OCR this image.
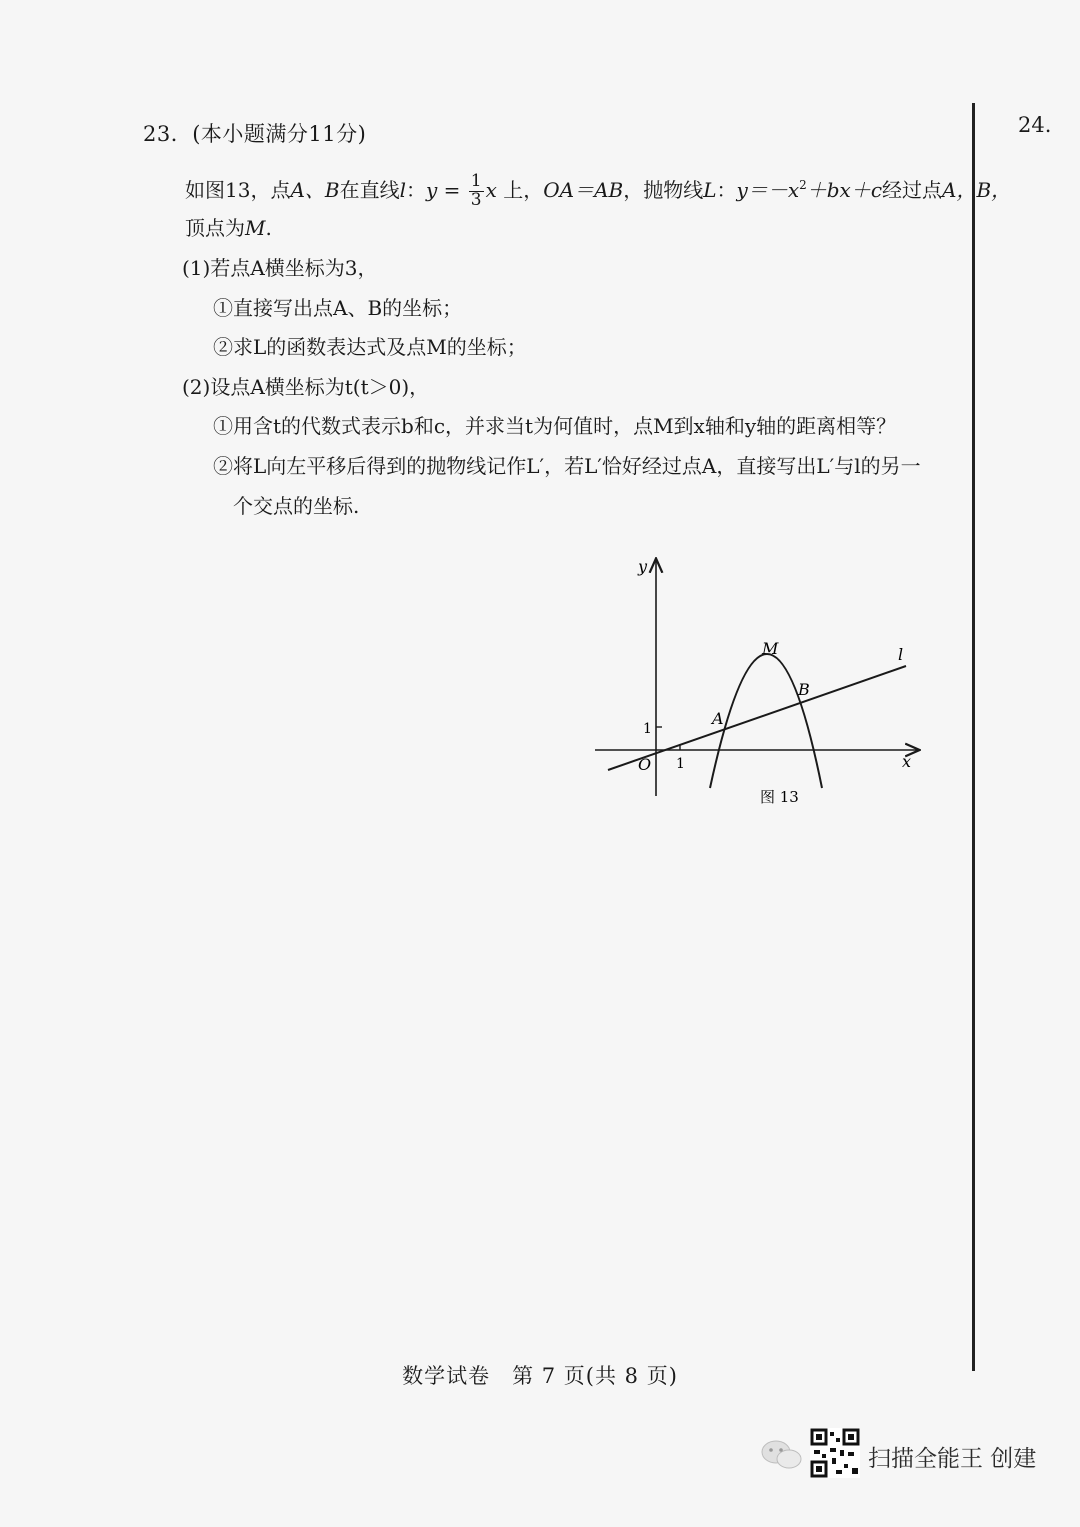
24.
23．(本小题满分11分)
如图13，点A、B在直线l：$y = \frac{1}{3}$ x 上，OA＝AB，抛物线L：$y=-x^2+bx+c$经过点A，B，
顶点为M.
(1)若点A横坐标为3，
①直接写出点A、B的坐标；
②求L的函数表达式及点M的坐标；
(2)设点A横坐标为t(t＞0)，
①用含t的代数式表示b和c，并求当t为何值时，点M到x轴和y轴的距离相等？
②将L向左平移后得到的抛物线记作L′，若L′恰好经过点A，直接写出L′与l的另一
个交点的坐标.
y
x
O 1
1
M
A
B
l
图 13
数学试卷　第 7 页(共 8 页)
扫描全能王 创建
